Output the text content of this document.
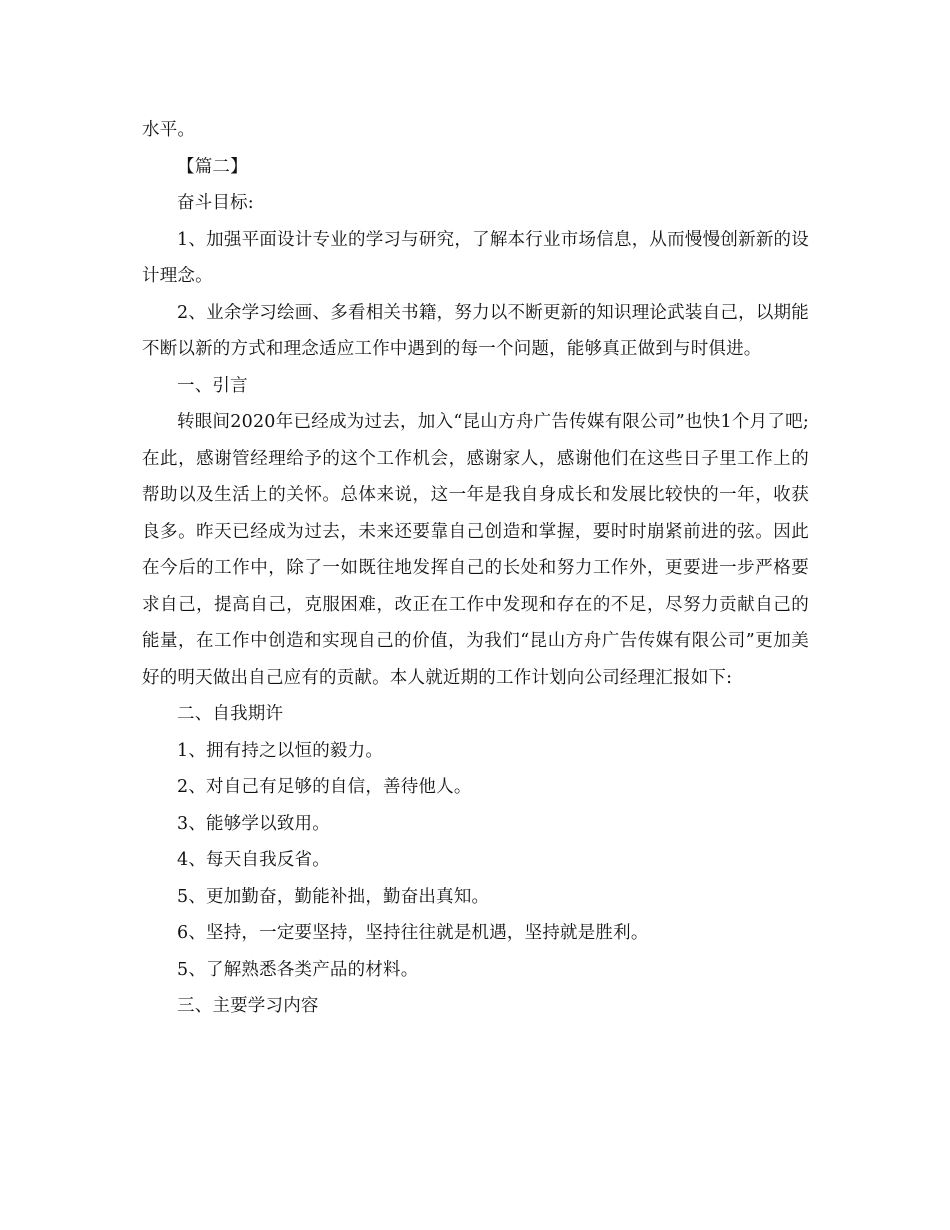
水平。

【篇二】

奋斗目标:

1、加强平面设计专业的学习与研究，了解本行业市场信息，从而慢慢创新新的设计理念。

2、业余学习绘画、多看相关书籍，努力以不断更新的知识理论武装自己，以期能不断以新的方式和理念适应工作中遇到的每一个问题，能够真正做到与时俱进。

一、引言

转眼间2020年已经成为过去，加入“昆山方舟广告传媒有限公司”也快1个月了吧;在此，感谢管经理给予的这个工作机会，感谢家人，感谢他们在这些日子里工作上的帮助以及生活上的关怀。总体来说，这一年是我自身成长和发展比较快的一年，收获良多。昨天已经成为过去，未来还要靠自己创造和掌握，要时时崩紧前进的弦。因此在今后的工作中，除了一如既往地发挥自己的长处和努力工作外，更要进一步严格要求自己，提高自己，克服困难，改正在工作中发现和存在的不足，尽努力贡献自己的能量，在工作中创造和实现自己的价值，为我们“昆山方舟广告传媒有限公司”更加美好的明天做出自己应有的贡献。本人就近期的工作计划向公司经理汇报如下:

二、自我期许

1、拥有持之以恒的毅力。

2、对自己有足够的自信，善待他人。

3、能够学以致用。

4、每天自我反省。

5、更加勤奋，勤能补拙，勤奋出真知。

6、坚持，一定要坚持，坚持往往就是机遇，坚持就是胜利。

5、了解熟悉各类产品的材料。

三、主要学习内容
